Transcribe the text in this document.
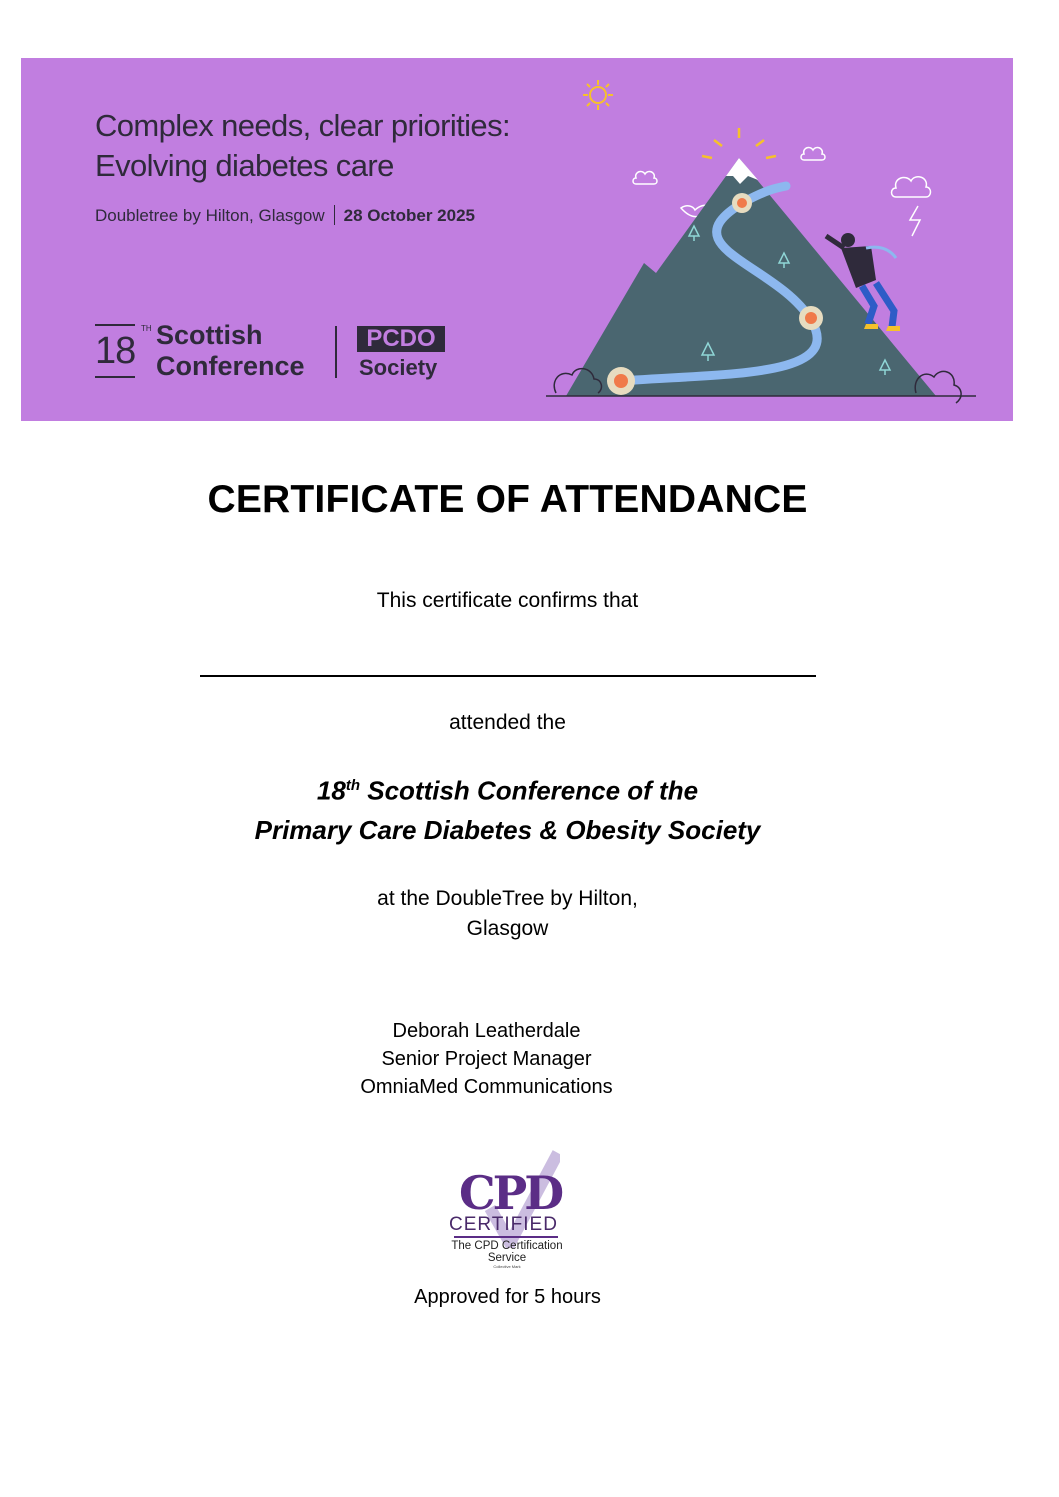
Complex needs, clear priorities:
Evolving diabetes care
Doubletree by Hilton, Glasgow 28 October 2025
18
TH Scottish
Conference
PCDO
Society
CERTIFICATE OF ATTENDANCE
This certificate confirms that
attended the
18th Scottish Conference of the
Primary Care Diabetes & Obesity Society
at the DoubleTree by Hilton,
Glasgow
Deborah Leatherdale
Senior Project Manager
OmniaMed Communications
CPD
CERTIFIED
The CPD Certification
Service
Collective Mark
Approved for 5 hours
